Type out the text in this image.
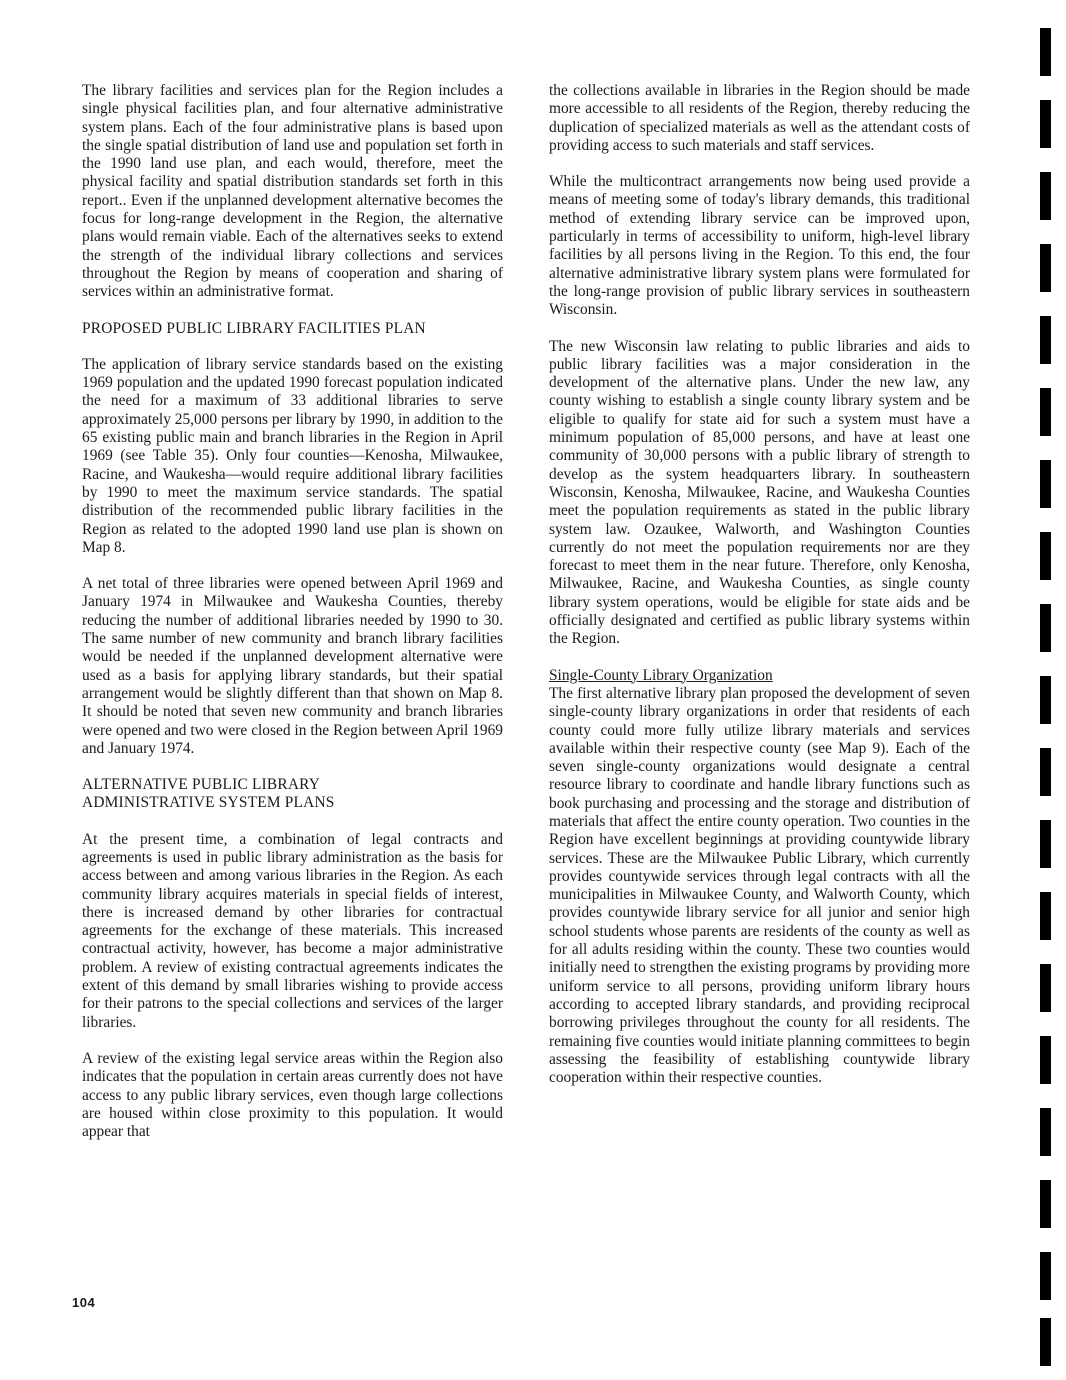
The library facilities and services plan for the Region includes a single physical facilities plan, and four alternative administrative system plans. Each of the four administrative plans is based upon the single spatial distribution of land use and population set forth in the 1990 land use plan, and each would, therefore, meet the physical facility and spatial distribution standards set forth in this report.. Even if the unplanned development alternative becomes the focus for long-range development in the Region, the alternative plans would remain viable. Each of the alternatives seeks to extend the strength of the individual library collections and services throughout the Region by means of cooperation and sharing of services within an administrative format.

PROPOSED PUBLIC LIBRARY FACILITIES PLAN

The application of library service standards based on the existing 1969 population and the updated 1990 forecast population indicated the need for a maximum of 33 additional libraries to serve approximately 25,000 persons per library by 1990, in addition to the 65 existing public main and branch libraries in the Region in April 1969 (see Table 35). Only four counties—Kenosha, Milwaukee, Racine, and Waukesha—would require additional library facilities by 1990 to meet the maximum service standards. The spatial distribution of the recommended public library facilities in the Region as related to the adopted 1990 land use plan is shown on Map 8.

A net total of three libraries were opened between April 1969 and January 1974 in Milwaukee and Waukesha Counties, thereby reducing the number of additional libraries needed by 1990 to 30. The same number of new community and branch library facilities would be needed if the unplanned development alternative were used as a basis for applying library standards, but their spatial arrangement would be slightly different than that shown on Map 8. It should be noted that seven new community and branch libraries were opened and two were closed in the Region between April 1969 and January 1974.

ALTERNATIVE PUBLIC LIBRARY
ADMINISTRATIVE SYSTEM PLANS

At the present time, a combination of legal contracts and agreements is used in public library administration as the basis for access between and among various libraries in the Region. As each community library acquires materials in special fields of interest, there is increased demand by other libraries for contractual agreements for the exchange of these materials. This increased contractual activity, however, has become a major administrative problem. A review of existing contractual agreements indicates the extent of this demand by small libraries wishing to provide access for their patrons to the special collections and services of the larger libraries.

A review of the existing legal service areas within the Region also indicates that the population in certain areas currently does not have access to any public library services, even though large collections are housed within close proximity to this population. It would appear that

the collections available in libraries in the Region should be made more accessible to all residents of the Region, thereby reducing the duplication of specialized materials as well as the attendant costs of providing access to such materials and staff services.

While the multicontract arrangements now being used provide a means of meeting some of today's library demands, this traditional method of extending library service can be improved upon, particularly in terms of accessibility to uniform, high-level library facilities by all persons living in the Region. To this end, the four alternative administrative library system plans were formulated for the long-range provision of public library services in southeastern Wisconsin.

The new Wisconsin law relating to public libraries and aids to public library facilities was a major consideration in the development of the alternative plans. Under the new law, any county wishing to establish a single county library system and be eligible to qualify for state aid for such a system must have a minimum population of 85,000 persons, and have at least one community of 30,000 persons with a public library of strength to develop as the system headquarters library. In southeastern Wisconsin, Kenosha, Milwaukee, Racine, and Waukesha Counties meet the population requirements as stated in the public library system law. Ozaukee, Walworth, and Washington Counties currently do not meet the population requirements nor are they forecast to meet them in the near future. Therefore, only Kenosha, Milwaukee, Racine, and Waukesha Counties, as single county library system operations, would be eligible for state aids and be officially designated and certified as public library systems within the Region.

Single-County Library Organization

The first alternative library plan proposed the development of seven single-county library organizations in order that residents of each county could more fully utilize library materials and services available within their respective county (see Map 9). Each of the seven single-county organizations would designate a central resource library to coordinate and handle library functions such as book purchasing and processing and the storage and distribution of materials that affect the entire county operation. Two counties in the Region have excellent beginnings at providing countywide library services. These are the Milwaukee Public Library, which currently provides countywide services through legal contracts with all the municipalities in Milwaukee County, and Walworth County, which provides countywide library service for all junior and senior high school students whose parents are residents of the county as well as for all adults residing within the county. These two counties would initially need to strengthen the existing programs by providing more uniform service to all persons, providing uniform library hours according to accepted library standards, and providing reciprocal borrowing privileges throughout the county for all residents. The remaining five counties would initiate planning committees to begin assessing the feasibility of establishing countywide library cooperation within their respective counties.

104
